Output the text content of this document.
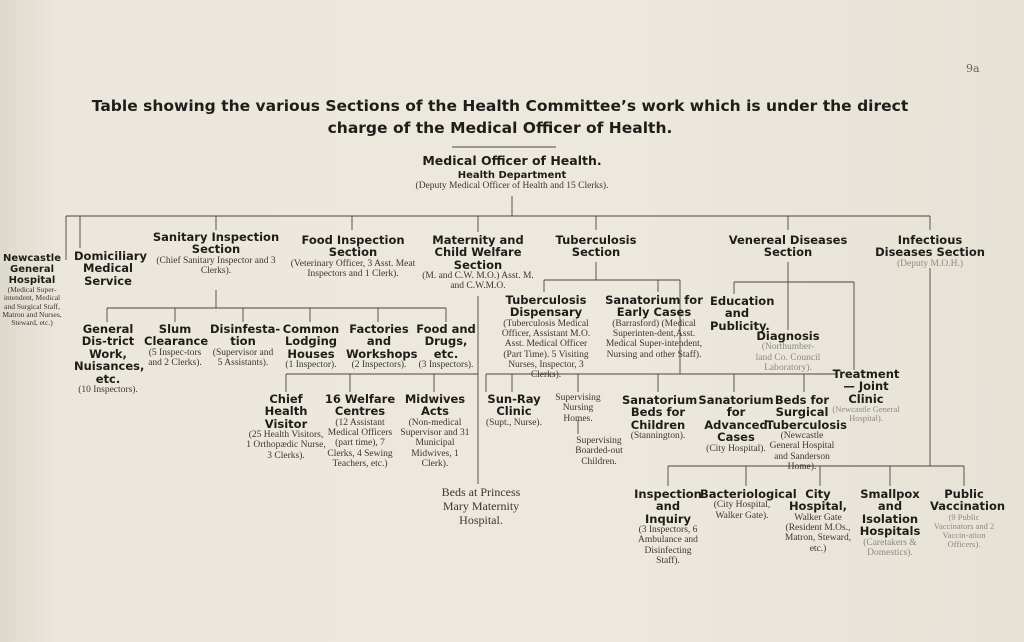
9a
Table showing the various Sections of the Health Committee’s work which is under the direct
charge of the Medical Officer of Health.
Medical Officer of Health.
Health Department
(Deputy Medical Officer of Health and 15 Clerks).
Newcastle General Hospital
(Medical Super-intendent, Medical and Surgical Staff, Matron and Nurses, Steward, etc.)
Domiciliary Medical Service
Sanitary Inspection Section
(Chief Sanitary Inspector and 3 Clerks).
Food Inspection Section
(Veterinary Officer, 3 Asst. Meat Inspectors and 1 Clerk).
Maternity and Child Welfare Section
(M. and C.W. M.O.) Asst. M. and C.W.M.O.
Tuberculosis Section
Venereal Diseases Section
Infectious Diseases Section
(Deputy M.O.H.)
General Dis-trict Work, Nuisances, etc.
(10 Inspectors).
Slum Clearance
(5 Inspec-tors and 2 Clerks).
Disinfesta-tion
(Supervisor and 5 Assistants).
Common Lodging Houses
(1 Inspector).
Factories and Workshops
(2 Inspectors).
Food and Drugs, etc.
(3 Inspectors).
Chief Health Visitor
(25 Health Visitors, 1 Orthopædic Nurse, 3 Clerks).
16 Welfare Centres
(12 Assistant Medical Officers (part time), 7 Clerks, 4 Sewing Teachers, etc.)
Midwives Acts
(Non-medical Supervisor and 31 Municipal Midwives, 1 Clerk).
Beds at Princess Mary Maternity Hospital.
Tuberculosis Dispensary
(Tuberculosis Medical Officer, Assistant M.O. Asst. Medical Officer (Part Time). 5 Visiting Nurses, Inspector, 3 Clerks).
Sanatorium for Early Cases
(Barrasford) (Medical Superinten-dent,Asst. Medical Super-intendent, Nursing and other Staff).
Sun-Ray Clinic
(Supt., Nurse).
Supervising Nursing Homes.
Supervising Boarded-out Children.
Education and Publicity.
Diagnosis
(Northumber-land Co. Council Laboratory).	Treatment— Joint Clinic
(Newcastle General Hospital).
Sanatorium Beds for Children
(Stannington).
Sanatorium for Advanced Cases
(City Hospital).
Beds for Surgical Tuberculosis
(Newcastle General Hospital and Sanderson Home).
Inspection and Inquiry
(3 Inspectors, 6 Ambulance and Disinfecting Staff).
Bacteriological
(City Hospital, Walker Gate).
City Hospital,
Walker Gate (Resident M.Os., Matron, Steward, etc.)
Smallpox and Isolation Hospitals
(Caretakers & Domestics).
Public Vaccination
(9 Public Vaccinators and 2 Vaccin-ation Officers).
